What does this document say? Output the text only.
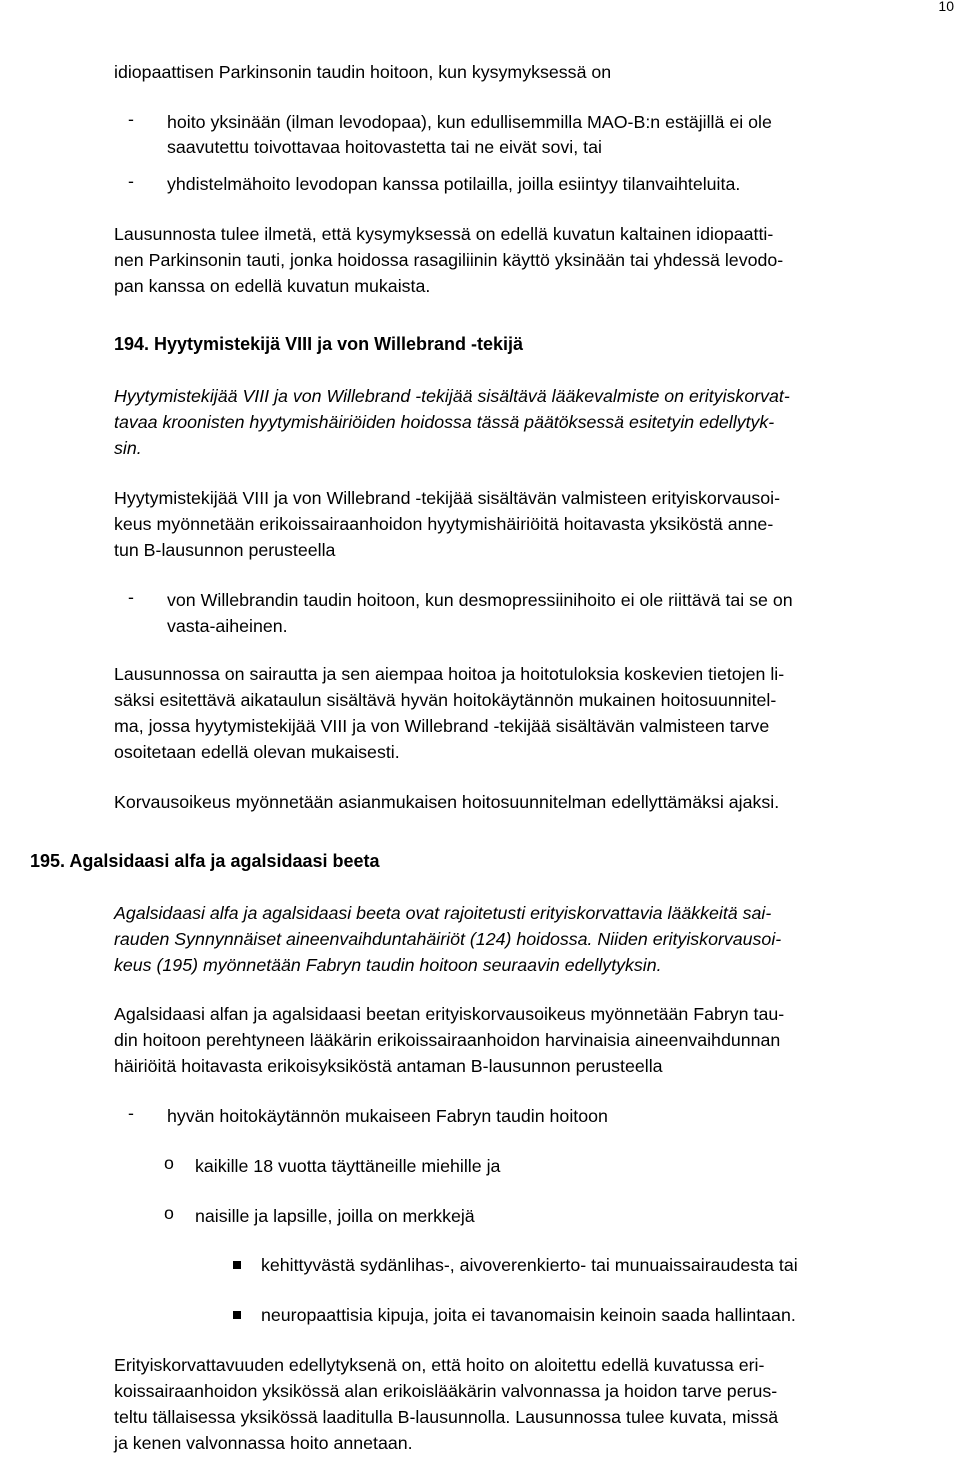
10
idiopaattisen Parkinsonin taudin hoitoon, kun kysymyksessä on
- hoito yksinään (ilman levodopaa), kun edullisemmilla MAO-B:n estäjillä ei ole
saavutettu toivottavaa hoitovastetta tai ne eivät sovi, tai
- yhdistelmähoito levodopan kanssa potilailla, joilla esiintyy tilanvaihteluita.
Lausunnosta tulee ilmetä, että kysymyksessä on edellä kuvatun kaltainen idiopaatti-
nen Parkinsonin tauti, jonka hoidossa rasagiliinin käyttö yksinään tai yhdessä levodo-
pan kanssa on edellä kuvatun mukaista.
194. Hyytymistekijä VIII ja von Willebrand -tekijä
Hyytymistekijää VIII ja von Willebrand -tekijää sisältävä lääkevalmiste on erityiskorvat-
tavaa kroonisten hyytymishäiriöiden hoidossa tässä päätöksessä esitetyin edellytyk-
sin.
Hyytymistekijää VIII ja von Willebrand -tekijää sisältävän valmisteen erityiskorvausoi-
keus myönnetään erikoissairaanhoidon hyytymishäiriöitä hoitavasta yksiköstä anne-
tun B-lausunnon perusteella
- von Willebrandin taudin hoitoon, kun desmopressiinihoito ei ole riittävä tai se on
vasta-aiheinen.
Lausunnossa on sairautta ja sen aiempaa hoitoa ja hoitotuloksia koskevien tietojen li-
säksi esitettävä aikataulun sisältävä hyvän hoitokäytännön mukainen hoitosuunnitel-
ma, jossa hyytymistekijää VIII ja von Willebrand -tekijää sisältävän valmisteen tarve
osoitetaan edellä olevan mukaisesti.
Korvausoikeus myönnetään asianmukaisen hoitosuunnitelman edellyttämäksi ajaksi.
195. Agalsidaasi alfa ja agalsidaasi beeta
Agalsidaasi alfa ja agalsidaasi beeta ovat rajoitetusti erityiskorvattavia lääkkeitä sai-
rauden Synnynnäiset aineenvaihduntahäiriöt (124) hoidossa. Niiden erityiskorvausoi-
keus (195) myönnetään Fabryn taudin hoitoon seuraavin edellytyksin.
Agalsidaasi alfan ja agalsidaasi beetan erityiskorvausoikeus myönnetään Fabryn tau-
din hoitoon perehtyneen lääkärin erikoissairaanhoidon harvinaisia aineenvaihdunnan
häiriöitä hoitavasta erikoisyksiköstä antaman B-lausunnon perusteella
- hyvän hoitokäytännön mukaiseen Fabryn taudin hoitoon
o kaikille 18 vuotta täyttäneille miehille ja
o naisille ja lapsille, joilla on merkkejä
kehittyvästä sydänlihas-, aivoverenkierto- tai munuaissairaudesta tai
neuropaattisia kipuja, joita ei tavanomaisin keinoin saada hallintaan.
Erityiskorvattavuuden edellytyksenä on, että hoito on aloitettu edellä kuvatussa eri-
koissairaanhoidon yksikössä alan erikoislääkärin valvonnassa ja hoidon tarve perus-
teltu tällaisessa yksikössä laaditulla B-lausunnolla. Lausunnossa tulee kuvata, missä
ja kenen valvonnassa hoito annetaan.
